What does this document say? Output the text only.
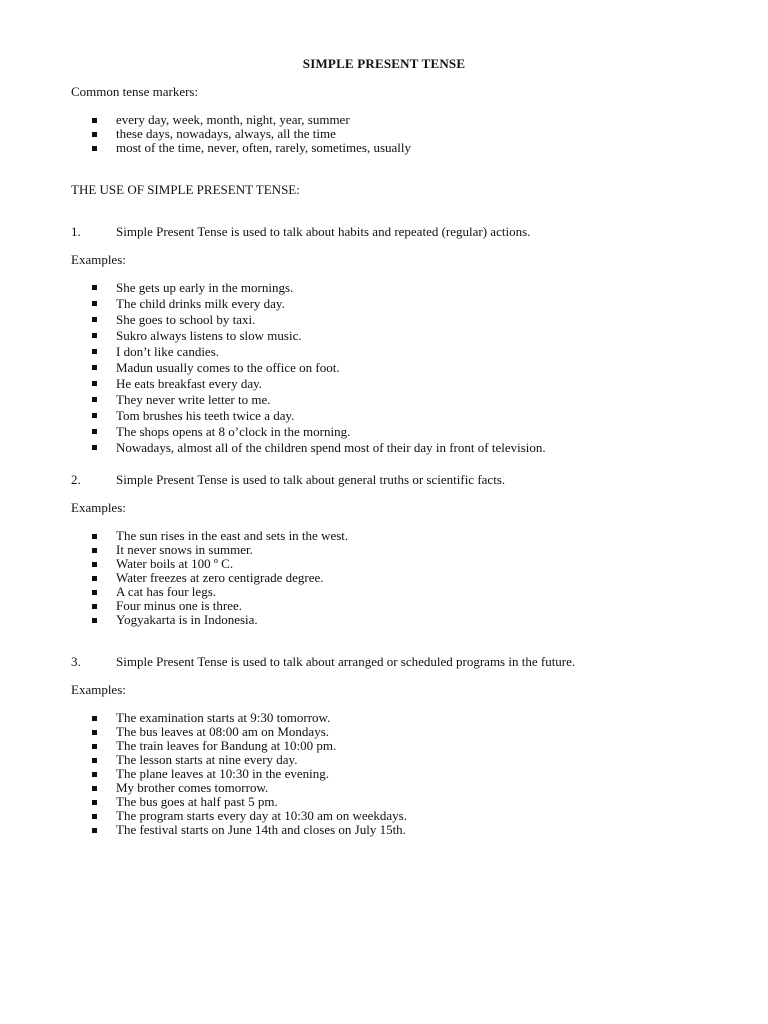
SIMPLE PRESENT TENSE
Common tense markers:
every day, week, month, night, year, summer
these days, nowadays, always, all the time
most of the time, never, often, rarely, sometimes, usually
THE USE OF SIMPLE PRESENT TENSE:
1.	Simple Present Tense is used to talk about habits and repeated (regular) actions.
Examples:
She gets up early in the mornings.
The child drinks milk every day.
She goes to school by taxi.
Sukro always listens to slow music.
I don’t like candies.
Madun usually comes to the office on foot.
He eats breakfast every day.
They never write letter to me.
Tom brushes his teeth twice a day.
The shops opens at 8 o’clock in the morning.
Nowadays, almost all of the children spend most of their day in front of television.
2.	Simple Present Tense is used to talk about general truths or scientific facts.
Examples:
The sun rises in the east and sets in the west.
It never snows in summer.
Water boils at 100 º C.
Water freezes at zero centigrade degree.
A cat has four legs.
Four minus one is three.
Yogyakarta is in Indonesia.
3.	Simple Present Tense is used to talk about arranged or scheduled programs in the future.
Examples:
The examination starts at 9:30 tomorrow.
The bus leaves at 08:00 am on Mondays.
The train leaves for Bandung at 10:00 pm.
The lesson starts at nine every day.
The plane leaves at 10:30 in the evening.
My brother comes tomorrow.
The bus goes at half past 5 pm.
The program starts every day at 10:30 am on weekdays.
The festival starts on June 14th and closes on July 15th.
